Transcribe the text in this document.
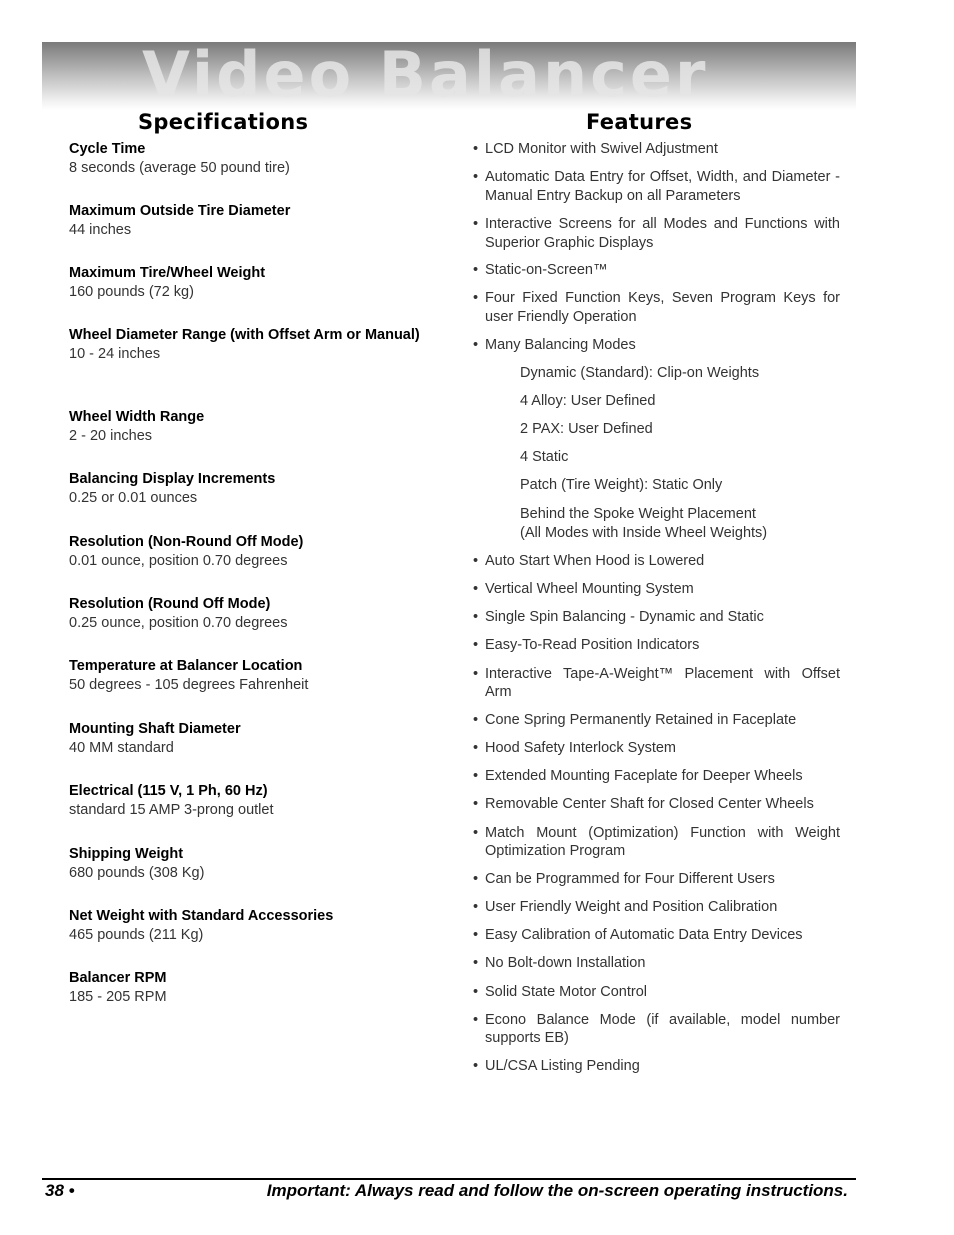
Video Balancer
Specifications	Features
Cycle Time
8 seconds (average 50 pound tire)
Maximum Outside Tire Diameter
44 inches
Maximum Tire/Wheel Weight
160 pounds (72 kg)
Wheel Diameter Range (with Offset Arm or Manual)
10 - 24 inches
Wheel Width Range
2 - 20 inches
Balancing Display Increments
0.25 or 0.01 ounces
Resolution (Non-Round Off Mode)
0.01 ounce, position 0.70 degrees
Resolution (Round Off Mode)
0.25 ounce, position 0.70 degrees
Temperature at Balancer Location
50 degrees - 105 degrees Fahrenheit
Mounting Shaft Diameter
40 MM standard
Electrical (115 V, 1 Ph, 60 Hz)
standard 15 AMP 3-prong outlet
Shipping Weight
680 pounds (308 Kg)
Net Weight with Standard Accessories
465 pounds (211 Kg)
Balancer RPM
185 - 205 RPM
• LCD Monitor with Swivel Adjustment
• Automatic Data Entry for Offset, Width, and Diameter - Manual Entry Backup on all Parameters
• Interactive Screens for all Modes and Functions with Superior Graphic Displays
• Static-on-Screen™
• Four Fixed Function Keys, Seven Program Keys for user Friendly Operation
• Many Balancing Modes
Dynamic (Standard): Clip-on Weights
4 Alloy: User Defined
2 PAX: User Defined
4 Static
Patch (Tire Weight): Static Only
Behind the Spoke Weight Placement
(All Modes with Inside Wheel Weights)
• Auto Start When Hood is Lowered
• Vertical Wheel Mounting System
• Single Spin Balancing - Dynamic and Static
• Easy-To-Read Position Indicators
• Interactive Tape-A-Weight™ Placement with Offset Arm
• Cone Spring Permanently Retained in Faceplate
• Hood Safety Interlock System
• Extended Mounting Faceplate for Deeper Wheels
• Removable Center Shaft for Closed Center Wheels
• Match Mount (Optimization) Function with Weight Optimization Program
• Can be Programmed for Four Different Users
• User Friendly Weight and Position Calibration
• Easy Calibration of Automatic Data Entry Devices
• No Bolt-down Installation
• Solid State Motor Control
• Econo Balance Mode (if available, model number supports EB)
• UL/CSA Listing Pending
38 •	Important: Always read and follow the on-screen operating instructions.
